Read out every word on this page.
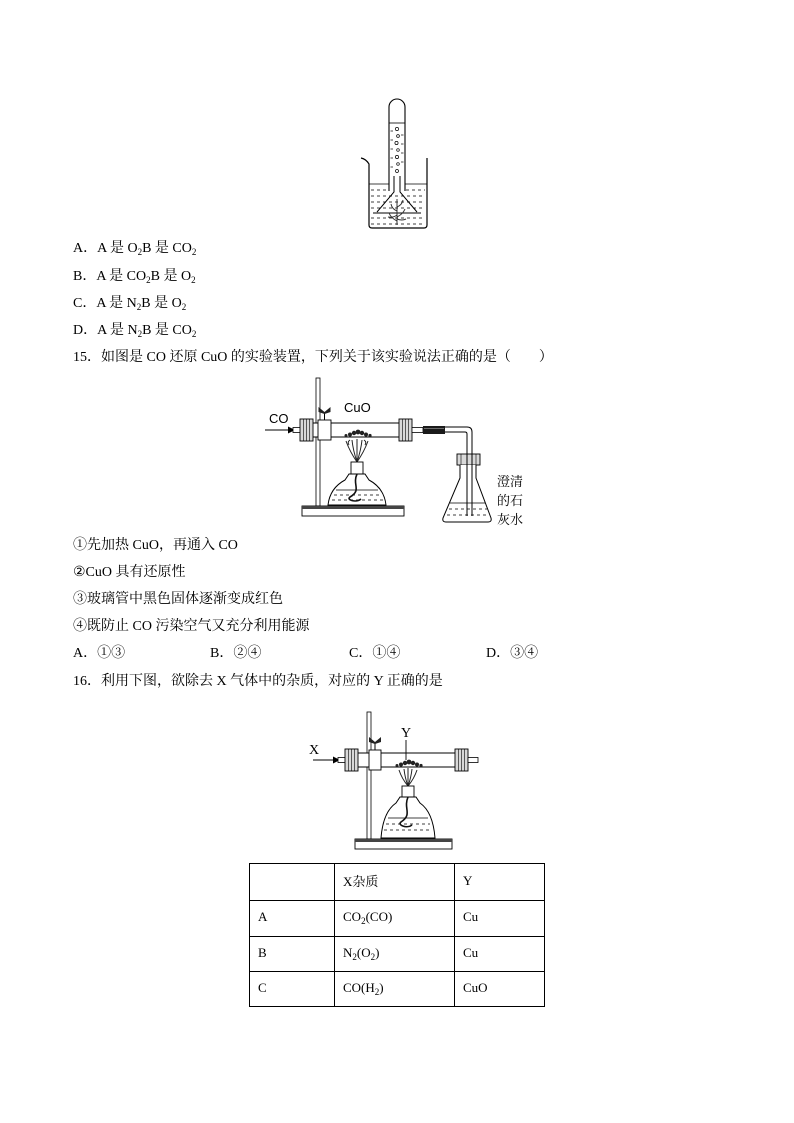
A．A 是 $O_2B$ 是 $CO_2$
B．A 是 $CO_2B$ 是 $O_2$
C．A 是 $N_2B$ 是 $O_2$
D．A 是 $N_2B$ 是 $CO_2$
15．如图是 CO 还原 CuO 的实验装置，下列关于该实验说法正确的是（　　）
CO
CuO
澄清
的石
灰水
①先加热 CuO，再通入 CO
②CuO 具有还原性
③玻璃管中黑色固体逐渐变成红色
④既防止 CO 污染空气又充分利用能源
A．①③	B．②④	C．①④	D．③④
16．利用下图，欲除去 X 气体中的杂质，对应的 Y 正确的是
X
Y
	X杂质	Y
A	$CO_2(CO)$	Cu
B	$N_2(O_2)$	Cu
C	$CO(H_2)$	CuO
